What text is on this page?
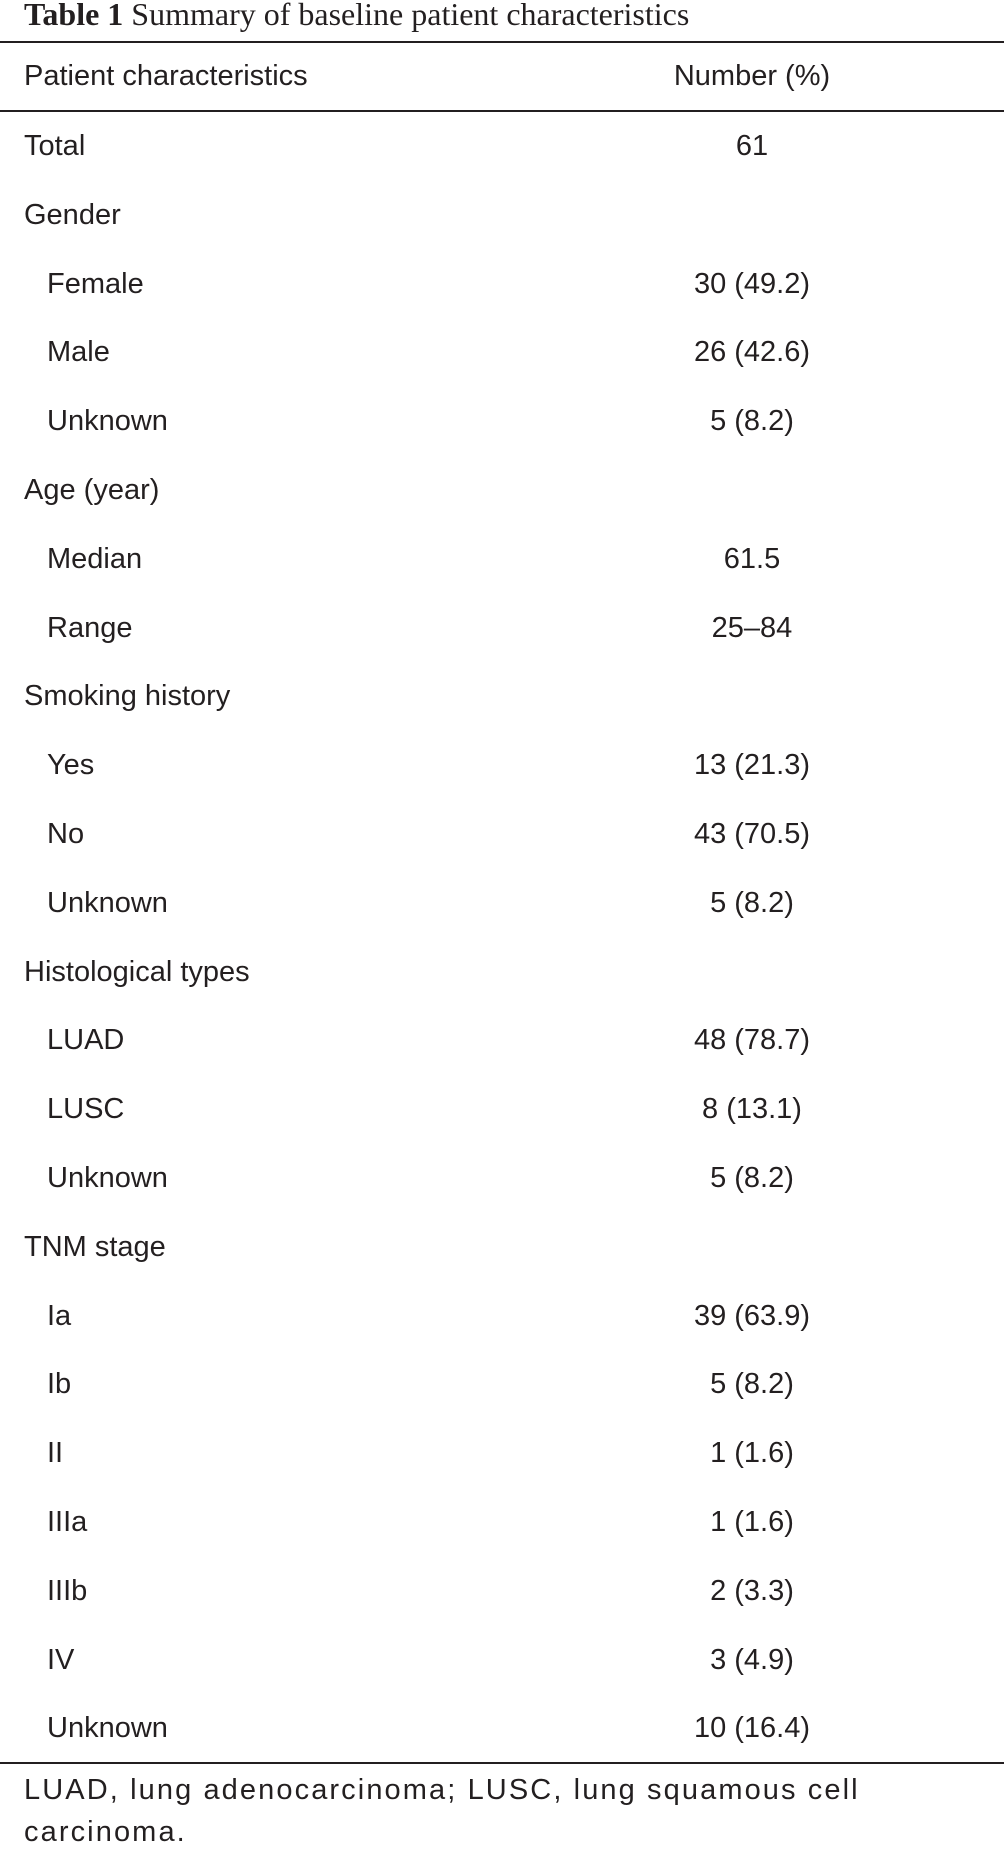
Table 1 Summary of baseline patient characteristics
Patient characteristics	Number (%)
Total	61
Gender
Female	30 (49.2)
Male	26 (42.6)
Unknown	5 (8.2)
Age (year)
Median	61.5
Range	25–84
Smoking history
Yes	13 (21.3)
No	43 (70.5)
Unknown	5 (8.2)
Histological types
LUAD	48 (78.7)
LUSC	8 (13.1)
Unknown	5 (8.2)
TNM stage
Ia	39 (63.9)
Ib	5 (8.2)
II	1 (1.6)
IIIa	1 (1.6)
IIIb	2 (3.3)
IV	3 (4.9)
Unknown	10 (16.4)
LUAD, lung adenocarcinoma; LUSC, lung squamous cell carcinoma.
